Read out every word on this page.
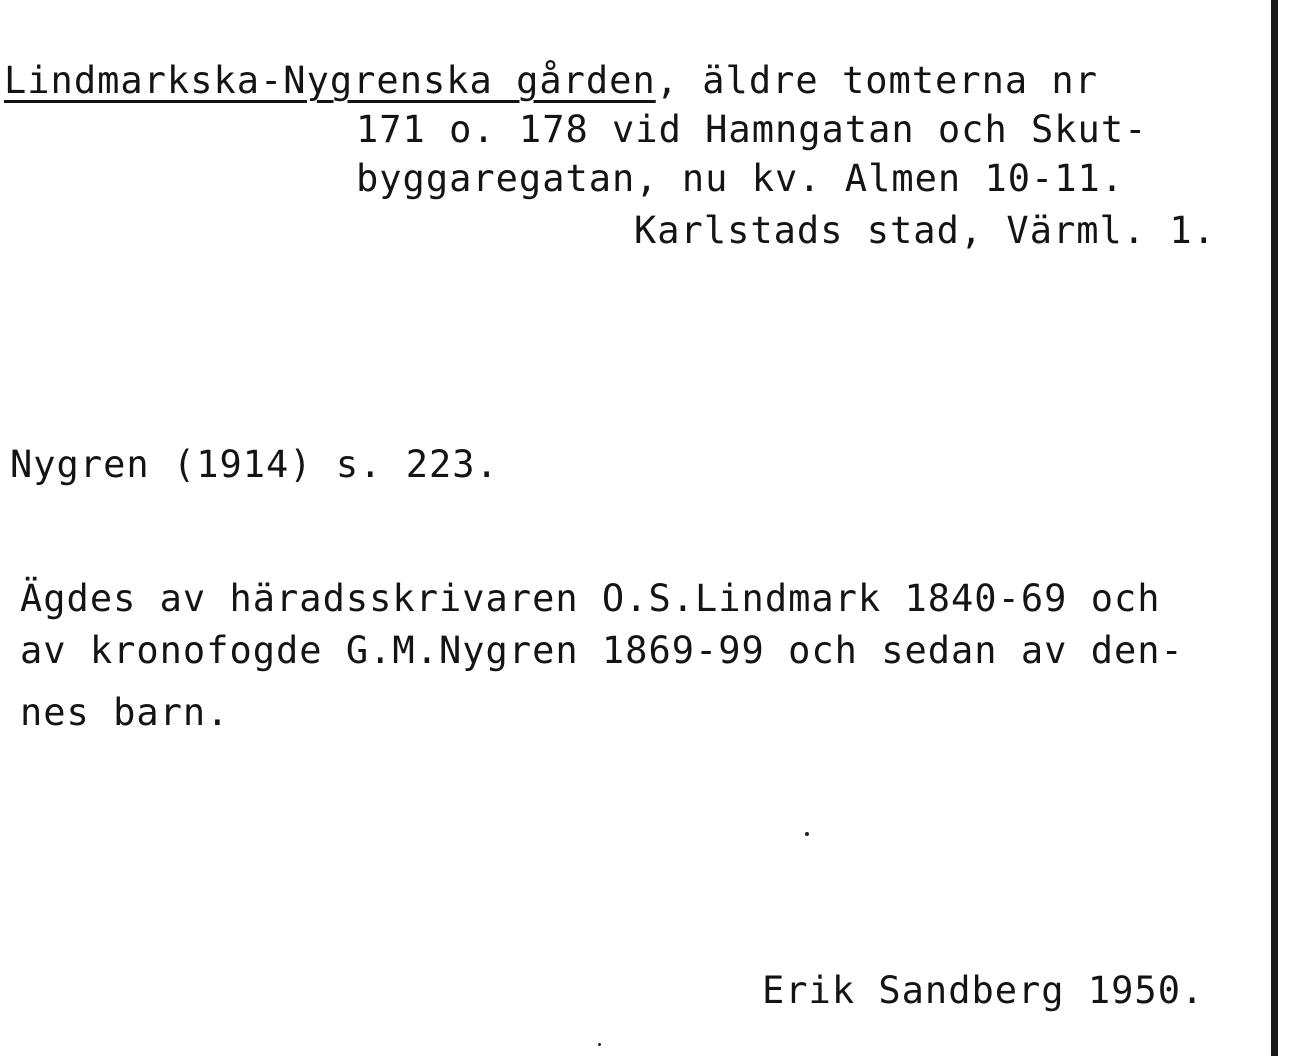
Lindmarkska-Nygrenska gården, äldre tomterna nr
171 o. 178 vid Hamngatan och Skut-
byggaregatan, nu kv. Almen 10-11.
Karlstads stad, Värml. 1.
Nygren (1914) s. 223.
Ägdes av häradsskrivaren O.S.Lindmark 1840-69 och
av kronofogde G.M.Nygren 1869-99 och sedan av den-
nes barn.
Erik Sandberg 1950.
